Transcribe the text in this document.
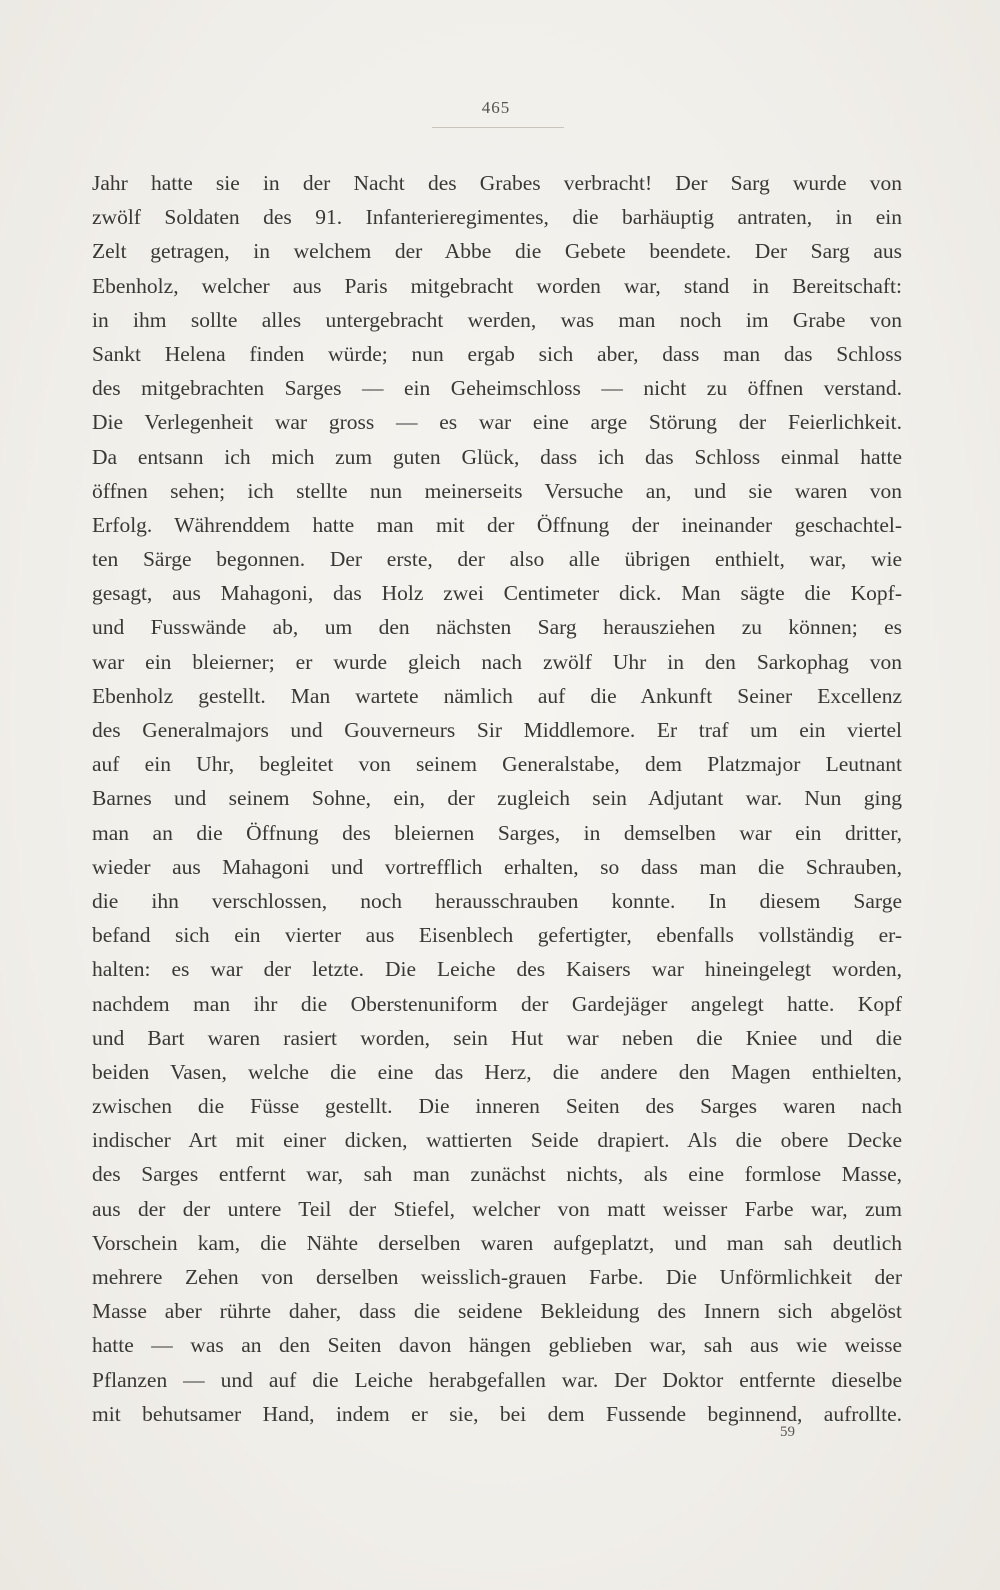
465
Jahr hatte sie in der Nacht des Grabes verbracht! Der Sarg wurde von
zwölf Soldaten des 91. Infanterieregimentes, die barhäuptig antraten, in ein
Zelt getragen, in welchem der Abbe die Gebete beendete. Der Sarg aus
Ebenholz, welcher aus Paris mitgebracht worden war, stand in Bereitschaft:
in ihm sollte alles untergebracht werden, was man noch im Grabe von
Sankt Helena finden würde; nun ergab sich aber, dass man das Schloss
des mitgebrachten Sarges — ein Geheimschloss — nicht zu öffnen verstand.
Die Verlegenheit war gross — es war eine arge Störung der Feierlichkeit.
Da entsann ich mich zum guten Glück, dass ich das Schloss einmal hatte
öffnen sehen; ich stellte nun meinerseits Versuche an, und sie waren von
Erfolg. Währenddem hatte man mit der Öffnung der ineinander geschachtel-
ten Särge begonnen. Der erste, der also alle übrigen enthielt, war, wie
gesagt, aus Mahagoni, das Holz zwei Centimeter dick. Man sägte die Kopf-
und Fusswände ab, um den nächsten Sarg herausziehen zu können; es
war ein bleierner; er wurde gleich nach zwölf Uhr in den Sarkophag von
Ebenholz gestellt. Man wartete nämlich auf die Ankunft Seiner Excellenz
des Generalmajors und Gouverneurs Sir Middlemore. Er traf um ein viertel
auf ein Uhr, begleitet von seinem Generalstabe, dem Platzmajor Leutnant
Barnes und seinem Sohne, ein, der zugleich sein Adjutant war. Nun ging
man an die Öffnung des bleiernen Sarges, in demselben war ein dritter,
wieder aus Mahagoni und vortrefflich erhalten, so dass man die Schrauben,
die ihn verschlossen, noch herausschrauben konnte. In diesem Sarge
befand sich ein vierter aus Eisenblech gefertigter, ebenfalls vollständig er-
halten: es war der letzte. Die Leiche des Kaisers war hineingelegt worden,
nachdem man ihr die Oberstenuniform der Gardejäger angelegt hatte. Kopf
und Bart waren rasiert worden, sein Hut war neben die Kniee und die
beiden Vasen, welche die eine das Herz, die andere den Magen enthielten,
zwischen die Füsse gestellt. Die inneren Seiten des Sarges waren nach
indischer Art mit einer dicken, wattierten Seide drapiert. Als die obere Decke
des Sarges entfernt war, sah man zunächst nichts, als eine formlose Masse,
aus der der untere Teil der Stiefel, welcher von matt weisser Farbe war, zum
Vorschein kam, die Nähte derselben waren aufgeplatzt, und man sah deutlich
mehrere Zehen von derselben weisslich-grauen Farbe. Die Unförmlichkeit der
Masse aber rührte daher, dass die seidene Bekleidung des Innern sich abgelöst
hatte — was an den Seiten davon hängen geblieben war, sah aus wie weisse
Pflanzen — und auf die Leiche herabgefallen war. Der Doktor entfernte dieselbe
mit behutsamer Hand, indem er sie, bei dem Fussende beginnend, aufrollte.
59
